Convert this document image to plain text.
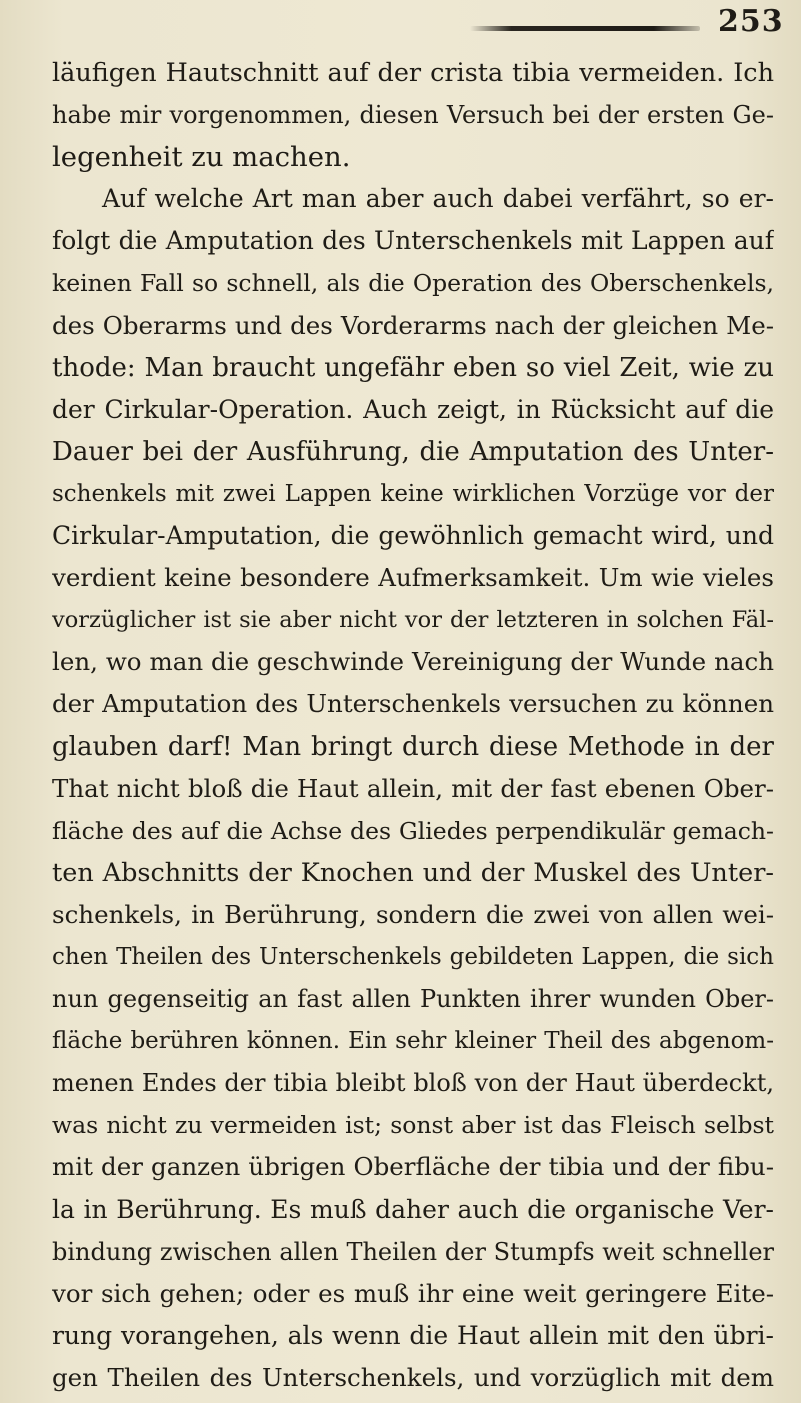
253
läufigen Hautschnitt auf der crista tibia vermeiden. Ich
habe mir vorgenommen, diesen Versuch bei der ersten Ge-
legenheit zu machen.
Auf welche Art man aber auch dabei verfährt, so er-
folgt die Amputation des Unterschenkels mit Lappen auf
keinen Fall so schnell, als die Operation des Oberschenkels,
des Oberarms und des Vorderarms nach der gleichen Me-
thode: Man braucht ungefähr eben so viel Zeit, wie zu
der Cirkular-Operation. Auch zeigt, in Rücksicht auf die
Dauer bei der Ausführung, die Amputation des Unter-
schenkels mit zwei Lappen keine wirklichen Vorzüge vor der
Cirkular-Amputation, die gewöhnlich gemacht wird, und
verdient keine besondere Aufmerksamkeit. Um wie vieles
vorzüglicher ist sie aber nicht vor der letzteren in solchen Fäl-
len, wo man die geschwinde Vereinigung der Wunde nach
der Amputation des Unterschenkels versuchen zu können
glauben darf! Man bringt durch diese Methode in der
That nicht bloß die Haut allein, mit der fast ebenen Ober-
fläche des auf die Achse des Gliedes perpendikulär gemach-
ten Abschnitts der Knochen und der Muskel des Unter-
schenkels, in Berührung, sondern die zwei von allen wei-
chen Theilen des Unterschenkels gebildeten Lappen, die sich
nun gegenseitig an fast allen Punkten ihrer wunden Ober-
fläche berühren können. Ein sehr kleiner Theil des abgenom-
menen Endes der tibia bleibt bloß von der Haut überdeckt,
was nicht zu vermeiden ist; sonst aber ist das Fleisch selbst
mit der ganzen übrigen Oberfläche der tibia und der fibu-
la in Berührung. Es muß daher auch die organische Ver-
bindung zwischen allen Theilen der Stumpfs weit schneller
vor sich gehen; oder es muß ihr eine weit geringere Eite-
rung vorangehen, als wenn die Haut allein mit den übri-
gen Theilen des Unterschenkels, und vorzüglich mit dem
